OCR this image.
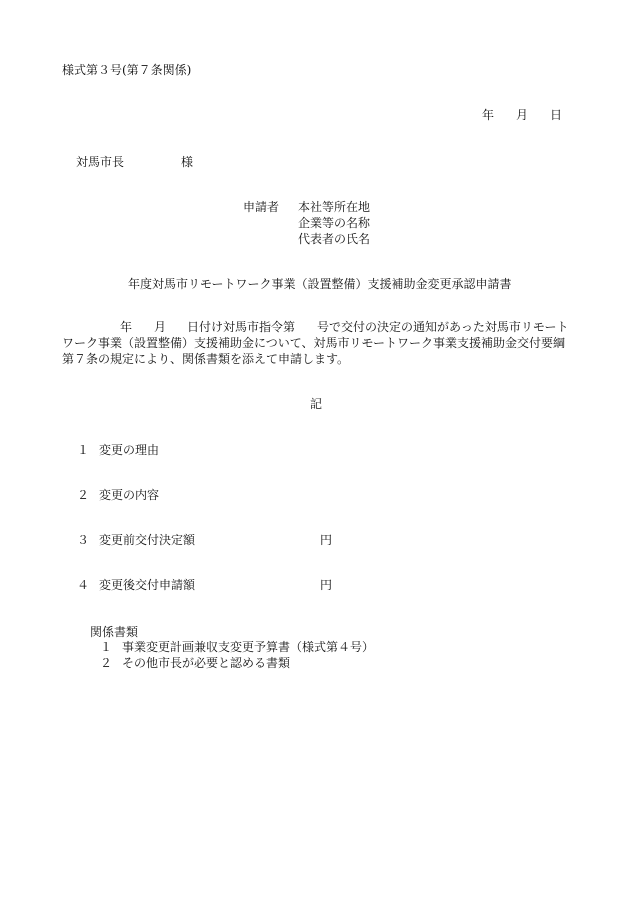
様式第３号(第７条関係)
年 月 日
対馬市長	様
申請者 本社等所在地
企業等の名称
代表者の氏名
年度対馬市リモートワーク事業（設置整備）支援補助金変更承認申請書

年 月 日付け対馬市指令第 号で交付の決定の通知があった対馬市リモート

ワーク事業（設置整備）支援補助金について、対馬市リモートワーク事業支援補助金交付要綱

第７条の規定により、関係書類を添えて申請します。

記
１ 変更の理由
２ 変更の内容
３ 変更前交付決定額	円
４ 変更後交付申請額	円
関係書類
１ 事業変更計画兼収支変更予算書（様式第４号）
２ その他市長が必要と認める書類
